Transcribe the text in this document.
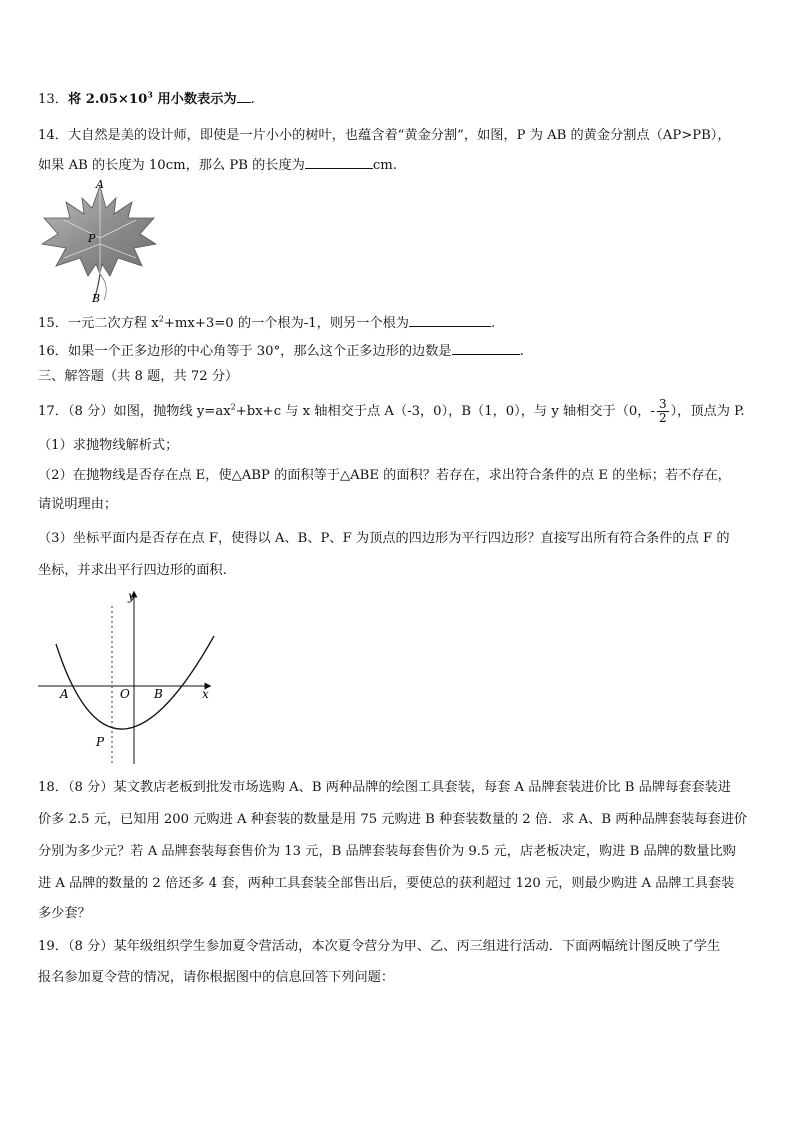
13．将 $2.05\times 10^3$ 用小数表示为 .
14．大自然是美的设计师，即使是一片小小的树叶，也蕴含着“黄金分割”，如图，P 为 AB 的黄金分割点（AP>PB），
如果 AB 的长度为 10cm，那么 PB 的长度为	cm.
A
P
B
15．一元二次方程 $x^2+mx+3=0$ 的一个根为-1，则另一个根为	.
16．如果一个正多边形的中心角等于 30°，那么这个正多边形的边数是	.
三、解答题（共 8 题，共 72 分）
17．（8 分）如图，抛物线 $y=ax^2+bx+c$ 与 x 轴相交于点 A（-3，0），B（1，0），与 y 轴相交于（0，- $\frac{3}{2}$ ），顶点为 P.
（1）求抛物线解析式；
（2）在抛物线是否存在点 E，使△ABP 的面积等于△ABE 的面积？若存在，求出符合条件的点 E 的坐标；若不存在，
请说明理由；
（3）坐标平面内是否存在点 F，使得以 A、B、P、F 为顶点的四边形为平行四边形？直接写出所有符合条件的点 F 的
坐标，并求出平行四边形的面积.
y
x
O
A	B
P
18．（8 分）某文教店老板到批发市场选购 A、B 两种品牌的绘图工具套装，每套 A 品牌套装进价比 B 品牌每套套装进
价多 2.5 元，已知用 200 元购进 A 种套装的数量是用 75 元购进 B 种套装数量的 2 倍．求 A、B 两种品牌套装每套进价
分别为多少元？若 A 品牌套装每套售价为 13 元，B 品牌套装每套售价为 9.5 元，店老板决定，购进 B 品牌的数量比购
进 A 品牌的数量的 2 倍还多 4 套，两种工具套装全部售出后，要使总的获利超过 120 元，则最少购进 A 品牌工具套装
多少套？
19．（8 分）某年级组织学生参加夏令营活动，本次夏令营分为甲、乙、丙三组进行活动．下面两幅统计图反映了学生
报名参加夏令营的情况，请你根据图中的信息回答下列问题：
